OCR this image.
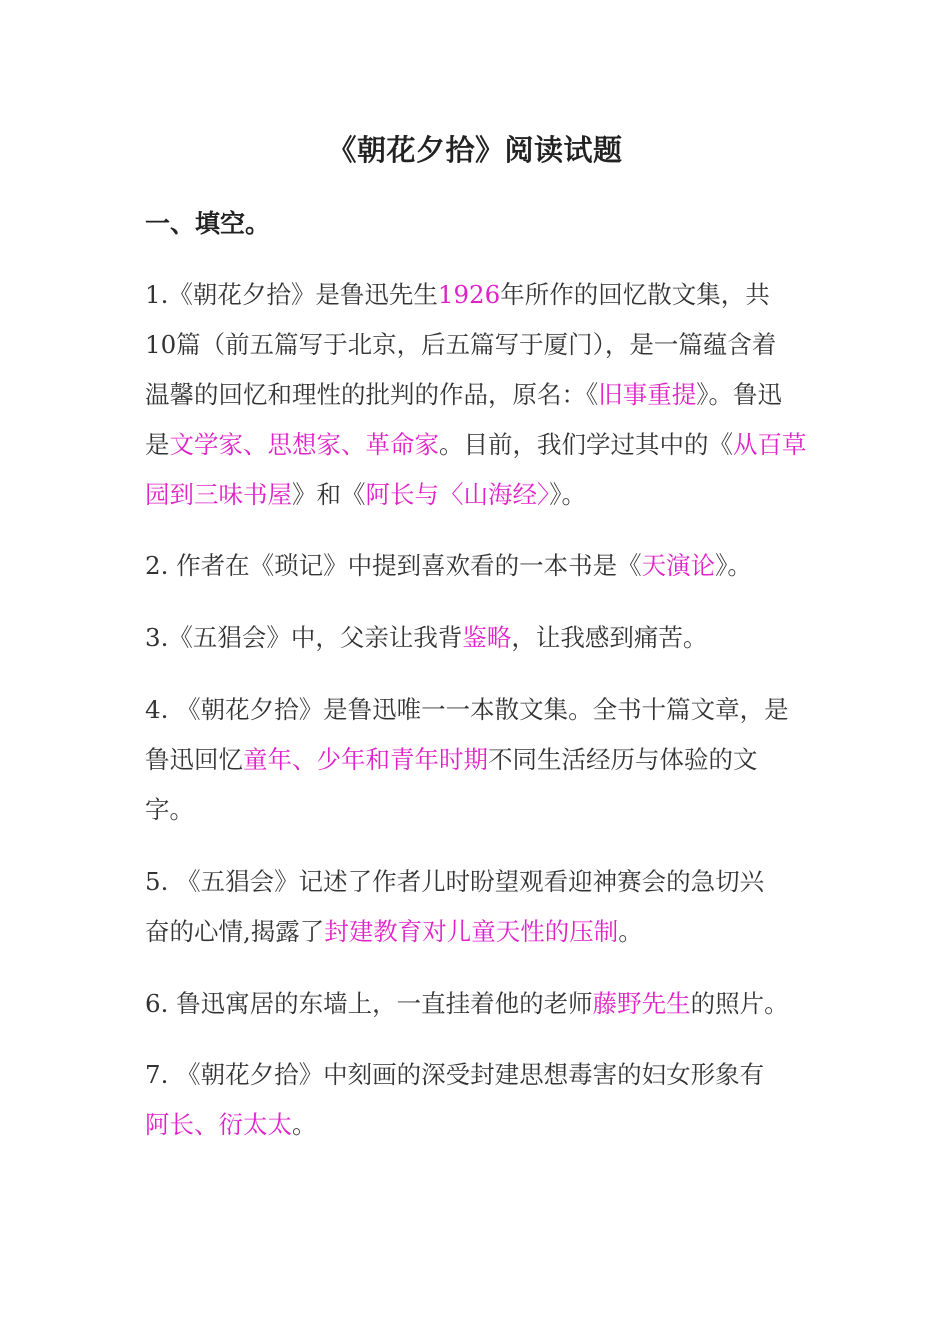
《朝花夕拾》阅读试题
一、填空。
1.《朝花夕拾》是鲁迅先生1926年所作的回忆散文集，共
10篇（前五篇写于北京，后五篇写于厦门），是一篇蕴含着
温馨的回忆和理性的批判的作品，原名：《旧事重提》。鲁迅
是文学家、思想家、革命家。目前，我们学过其中的《从百草
园到三味书屋》和《阿长与〈山海经〉》。
2. 作者在《琐记》中提到喜欢看的一本书是《天演论》。
3.《五猖会》中，父亲让我背鉴略，让我感到痛苦。
4. 《朝花夕拾》是鲁迅唯一一本散文集。全书十篇文章，是
鲁迅回忆童年、少年和青年时期不同生活经历与体验的文
字。
5. 《五猖会》记述了作者儿时盼望观看迎神赛会的急切兴
奋的心情,揭露了封建教育对儿童天性的压制。
6. 鲁迅寓居的东墙上，一直挂着他的老师藤野先生的照片。
7. 《朝花夕拾》中刻画的深受封建思想毒害的妇女形象有
阿长、衍太太。
